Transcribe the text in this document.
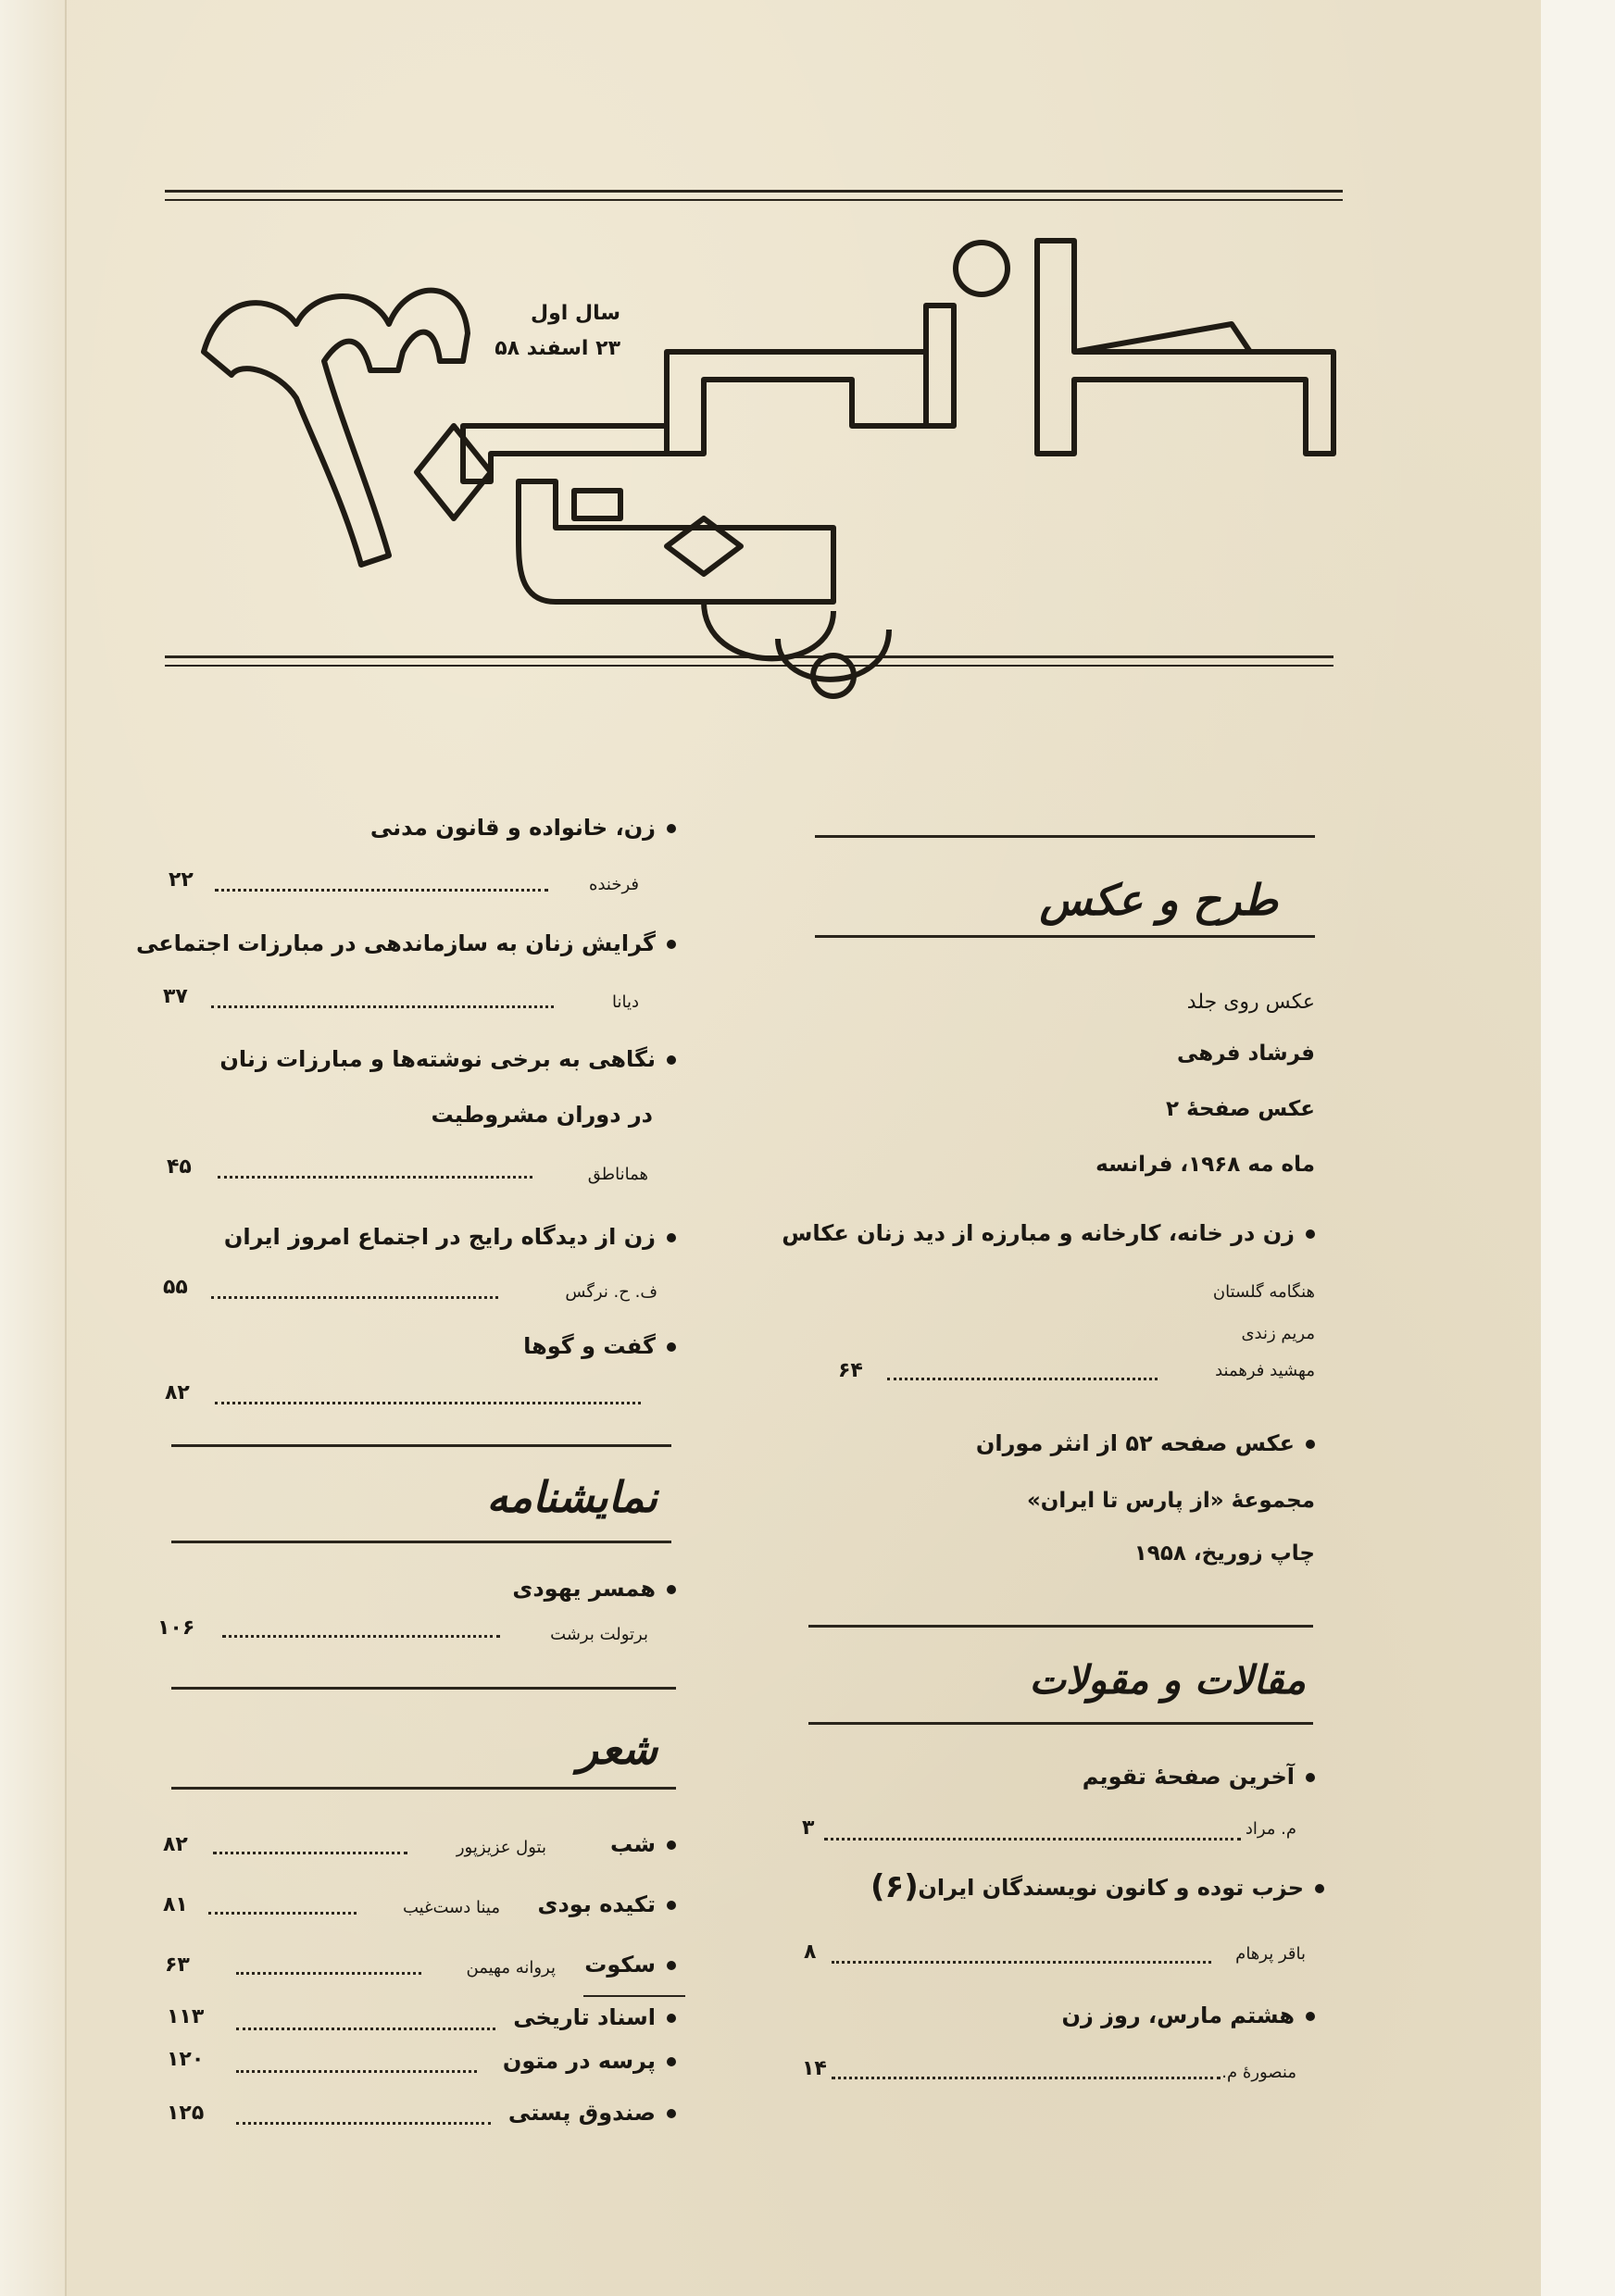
سال اول
۲۳ اسفند ۵۸
طرح و عکس
عکس روی جلد
فرشاد فرهی
عکس صفحهٔ ۲
ماه مه ۱۹۶۸، فرانسه
زن در خانه، کارخانه و مبارزه از دید زنان عکاس
هنگامه گلستان
مریم زندی
مهشید فرهمند
۶۴
عکس صفحه ۵۲ از انثر موران
مجموعهٔ «از پارس تا ایران»
چاپ زوریخ، ۱۹۵۸
مقالات و مقولات
آخرین صفحهٔ تقویم
م. مراد
۳
حزب توده و کانون نویسندگان ایران
(۶)
باقر پرهام
۸
هشتم مارس، روز زن
منصورهٔ م.
۱۴
زن، خانواده و قانون مدنی
فرخنده
۲۲
گرایش زنان به سازماندهی در مبارزات اجتماعی
دیانا
۳۷
نگاهی به برخی نوشته‌ها و مبارزات زنان
در دوران مشروطیت
هماناطق
۴۵
زن از دیدگاه رایج در اجتماع امروز ایران
ف. ح. نرگس
۵۵
گفت و گوها
۸۲
نمایشنامه
همسر یهودی
برتولت برشت
۱۰۶
شعر
شب
بتول عزیزپور
۸۲
تکیده بودی
مینا دست‌غیب
۸۱
سکوت
پروانه مهیمن
۶۳
اسناد تاریخی
۱۱۳
پرسه در متون
۱۲۰
صندوق پستی
۱۲۵
